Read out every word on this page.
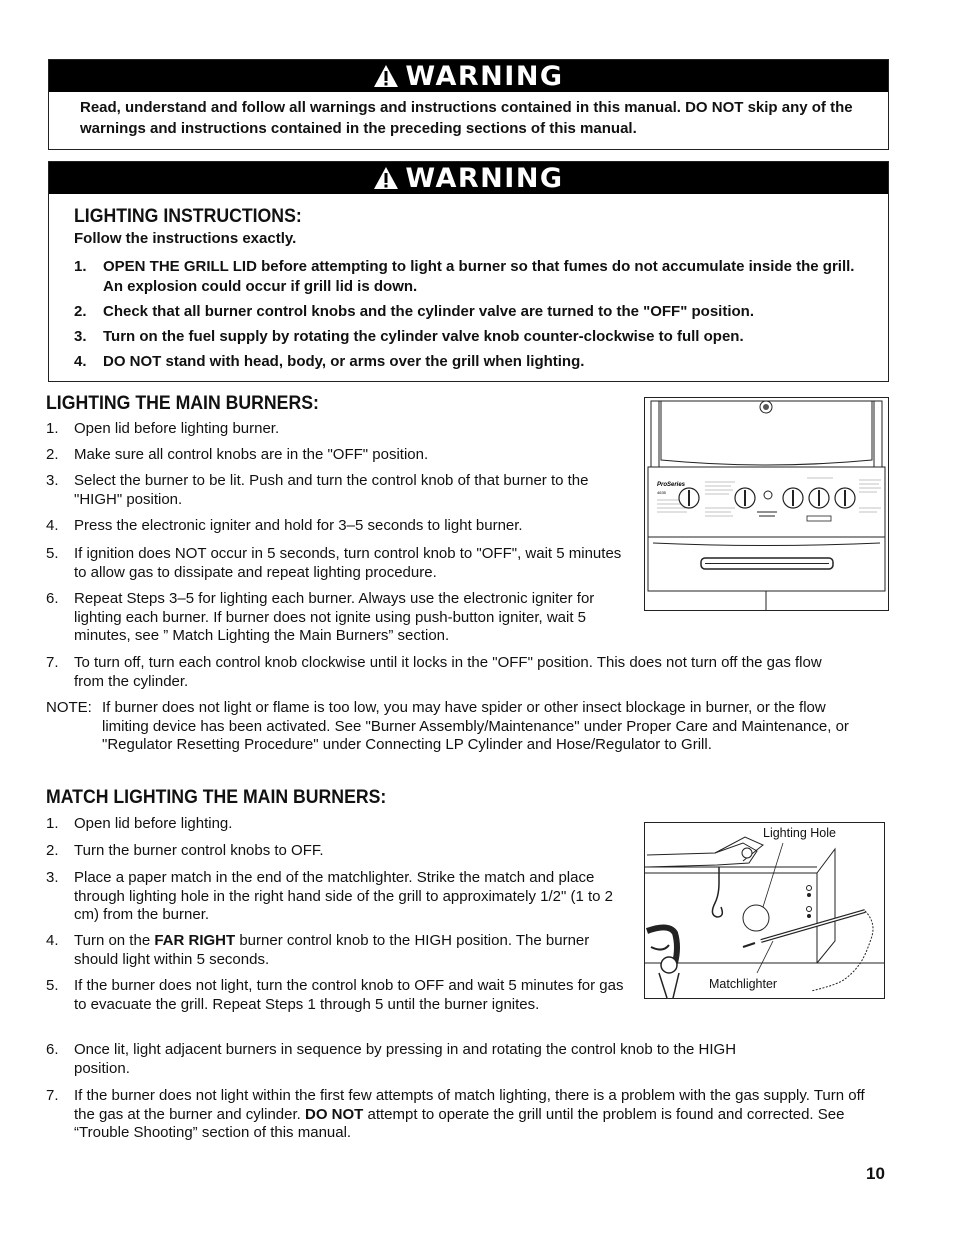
WARNING
Read, understand and follow all warnings and instructions contained in this manual. DO NOT skip any of the warnings and instructions contained in the preceding sections of this manual.
WARNING
LIGHTING INSTRUCTIONS:
Follow the instructions exactly.
1. OPEN THE GRILL LID before attempting to light a burner so that fumes do not accumulate inside the grill. An explosion could occur if grill lid is down.
2. Check that all burner control knobs and the cylinder valve are turned to the "OFF" position.
3. Turn on the fuel supply by rotating the cylinder valve knob counter-clockwise to full open.
4. DO NOT stand with head, body, or arms over the grill when lighting.
LIGHTING THE MAIN BURNERS:
1. Open lid before lighting burner.
2. Make sure all control knobs are in the "OFF" position.
3. Select the burner to be lit. Push and turn the control knob of that burner to the "HIGH" position.
4. Press the electronic igniter and hold for 3–5 seconds to light burner.
5. If ignition does NOT occur in 5 seconds, turn control knob to "OFF", wait 5 minutes to allow gas to dissipate and repeat lighting procedure.
6. Repeat Steps 3–5 for lighting each burner. Always use the electronic igniter for lighting each burner. If burner does not ignite using push-button igniter, wait 5 minutes, see ” Match Lighting the Main Burners” section.
7. To turn off, turn each control knob clockwise until it locks in the "OFF" position. This does not turn off the gas flow from the cylinder.
NOTE: If burner does not light or flame is too low, you may have spider or other insect blockage in burner, or the flow limiting device has been activated. See "Burner Assembly/Maintenance" under Proper Care and Maintenance, or "Regulator Resetting Procedure" under Connecting LP Cylinder and Hose/Regulator to Grill.
ProSeries
4635
MATCH LIGHTING THE MAIN BURNERS:
1. Open lid before lighting.
2. Turn the burner control knobs to OFF.
3. Place a paper match in the end of the matchlighter. Strike the match and place through lighting hole in the right hand side of the grill to approximately 1/2" (1 to 2 cm) from the burner.
4. Turn on the FAR RIGHT burner control knob to the HIGH position. The burner should light within 5 seconds.
5. If the burner does not light, turn the control knob to OFF and wait 5 minutes for gas to evacuate the grill. Repeat Steps 1 through 5 until the burner ignites.
6. Once lit, light adjacent burners in sequence by pressing in and rotating the control knob to the HIGH position.
7. If the burner does not light within the first few attempts of match lighting, there is a problem with the gas supply. Turn off the gas at the burner and cylinder. DO NOT attempt to operate the grill until the problem is found and corrected. See “Trouble Shooting” section of this manual.
Lighting Hole
Matchlighter
10
